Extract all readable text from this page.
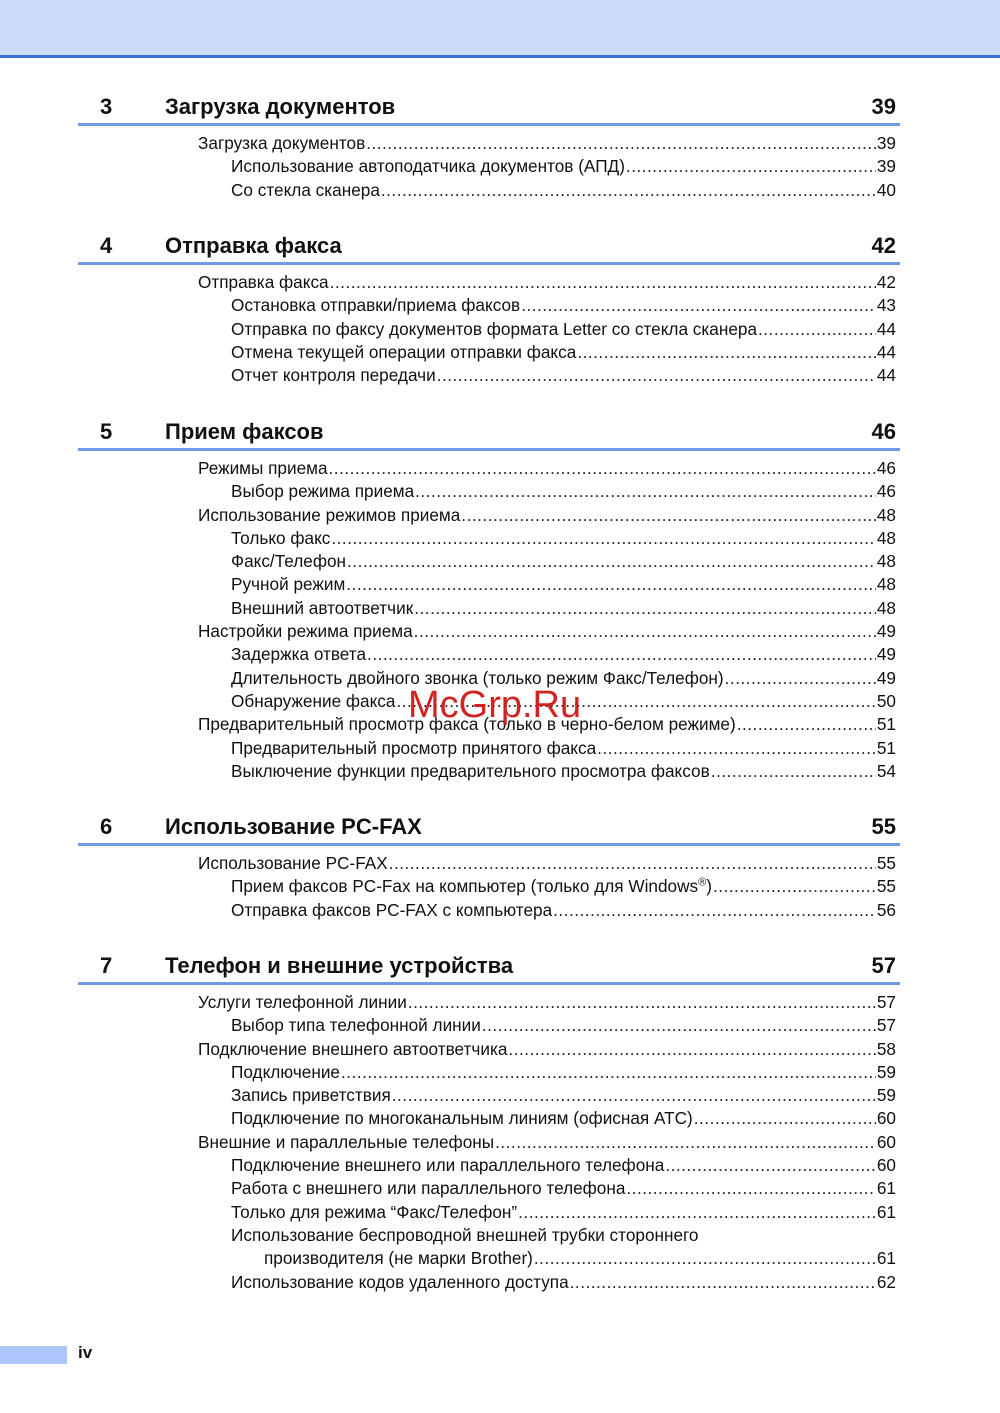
3 Загрузка документов	39
Загрузка документов .....	39
Использование автоподатчика документов (АПД) .....	39
Со стекла сканера .....	40
4 Отправка факса	42
Отправка факса .....	42
Остановка отправки/приема факсов .....	43
Отправка по факсу документов формата Letter со стекла сканера .....	44
Отмена текущей операции отправки факса .....	44
Отчет контроля передачи .....	44
5 Прием факсов	46
Режимы приема .....	46
Выбор режима приема .....	46
Использование режимов приема .....	48
Только факс .....	48
Факс/Телефон .....	48
Ручной режим .....	48
Внешний автоответчик .....	48
Настройки режима приема .....	49
Задержка ответа .....	49
Длительность двойного звонка (только режим Факс/Телефон) .....	49
Обнаружение факса .....	50
Предварительный просмотр факса (только в черно-белом режиме) .....	51
Предварительный просмотр принятого факса .....	51
Выключение функции предварительного просмотра факсов .....	54
6 Использование PC-FAX	55
Использование PC-FAX .....	55
Прием факсов PC-Fax на компьютер (только для Windows®) .....	55
Отправка факсов PC-FAX с компьютера .....	56
7 Телефон и внешние устройства	57
Услуги телефонной линии .....	57
Выбор типа телефонной линии .....	57
Подключение внешнего автоответчика .....	58
Подключение .....	59
Запись приветствия .....	59
Подключение по многоканальным линиям (офисная АТС) .....	60
Внешние и параллельные телефоны .....	60
Подключение внешнего или параллельного телефона .....	60
Работа с внешнего или параллельного телефона .....	61
Только для режима “Факс/Телефон” .....	61
Использование беспроводной внешней трубки стороннего
производителя (не марки Brother) .....	61
Использование кодов удаленного доступа .....	62
McGrp.Ru
iv
